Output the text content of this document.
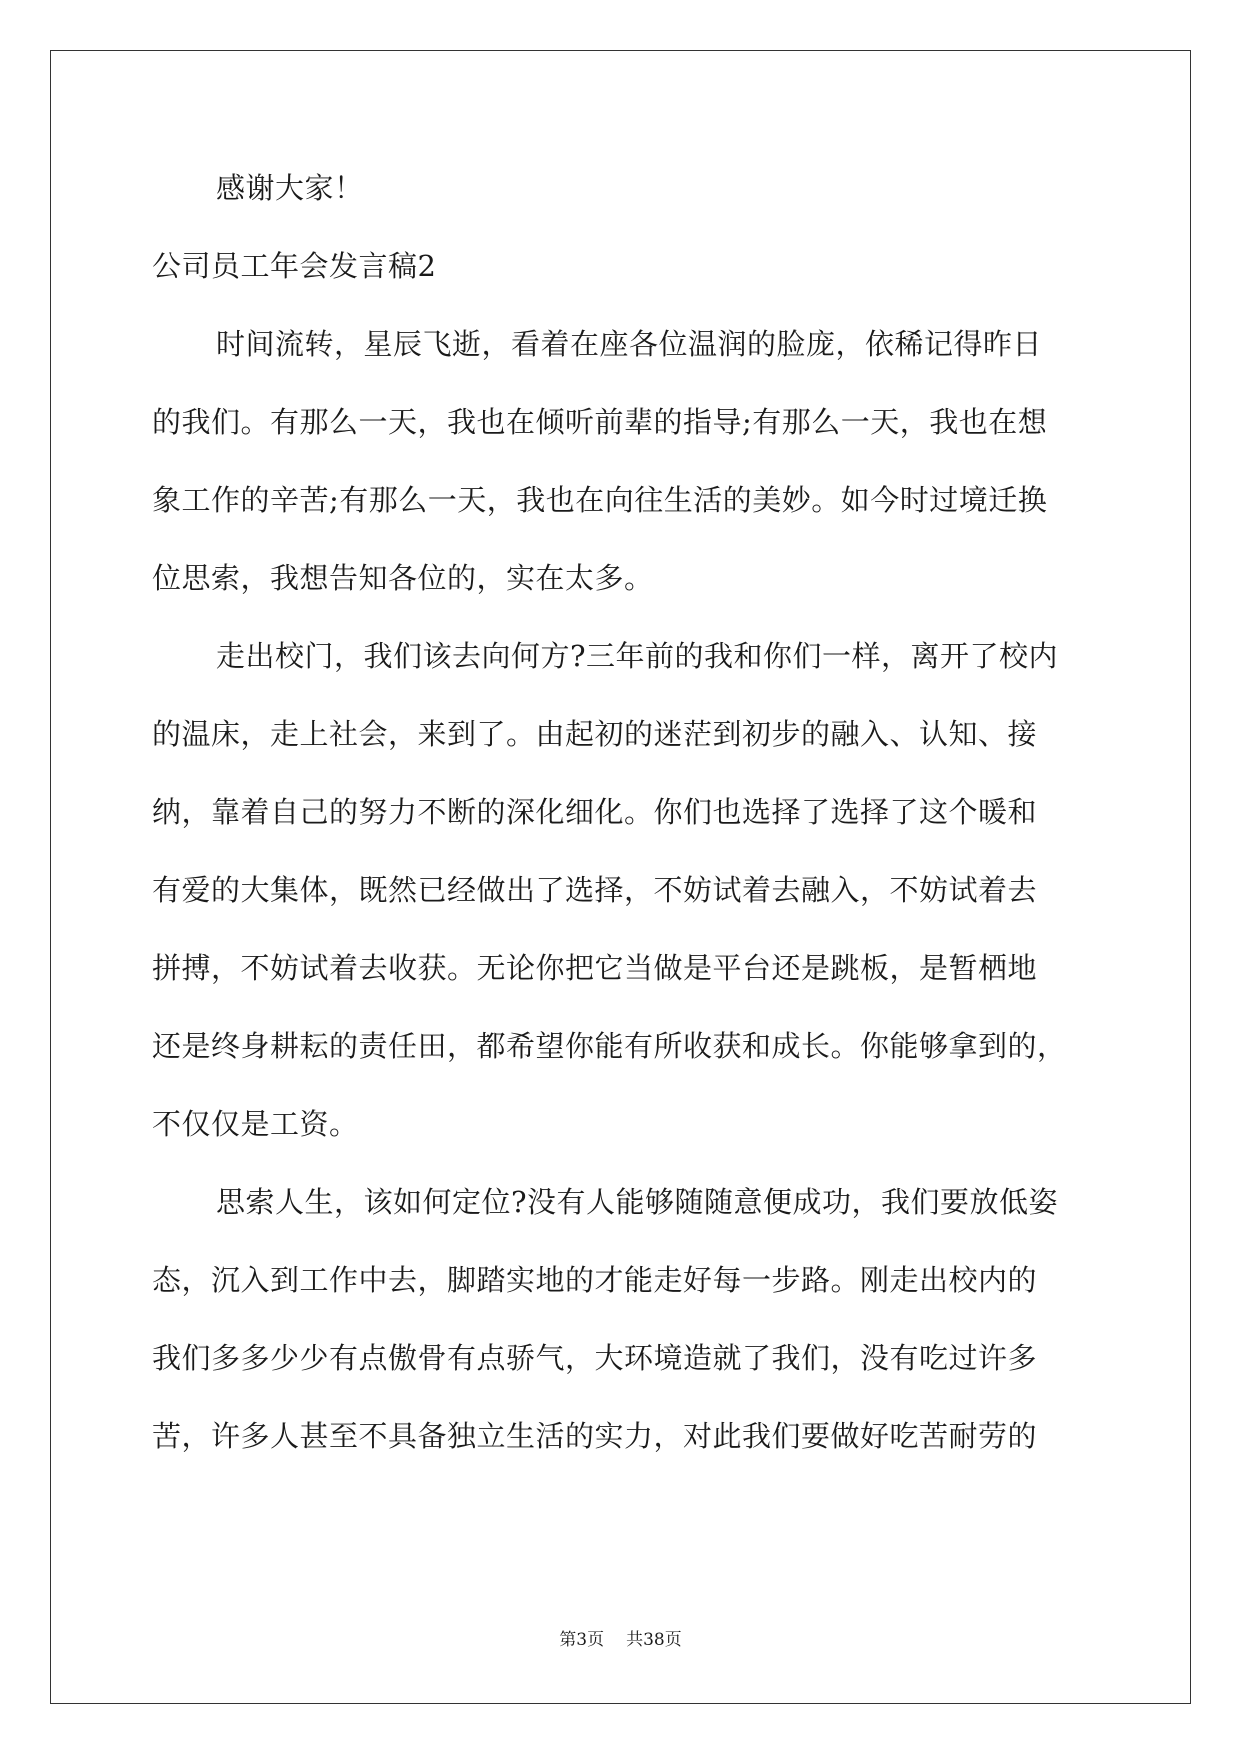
感谢大家！
公司员工年会发言稿2
时间流转，星辰飞逝，看着在座各位温润的脸庞，依稀记得昨日
的我们。有那么一天，我也在倾听前辈的指导;有那么一天，我也在想
象工作的辛苦;有那么一天，我也在向往生活的美妙。如今时过境迁换
位思索，我想告知各位的，实在太多。
走出校门，我们该去向何方?三年前的我和你们一样，离开了校内
的温床，走上社会，来到了。由起初的迷茫到初步的融入、认知、接
纳，靠着自己的努力不断的深化细化。你们也选择了选择了这个暖和
有爱的大集体，既然已经做出了选择，不妨试着去融入，不妨试着去
拼搏，不妨试着去收获。无论你把它当做是平台还是跳板，是暂栖地
还是终身耕耘的责任田，都希望你能有所收获和成长。你能够拿到的，
不仅仅是工资。
思索人生，该如何定位?没有人能够随随意便成功，我们要放低姿
态，沉入到工作中去，脚踏实地的才能走好每一步路。刚走出校内的
我们多多少少有点傲骨有点骄气，大环境造就了我们，没有吃过许多
苦，许多人甚至不具备独立生活的实力，对此我们要做好吃苦耐劳的
第3页 共38页
